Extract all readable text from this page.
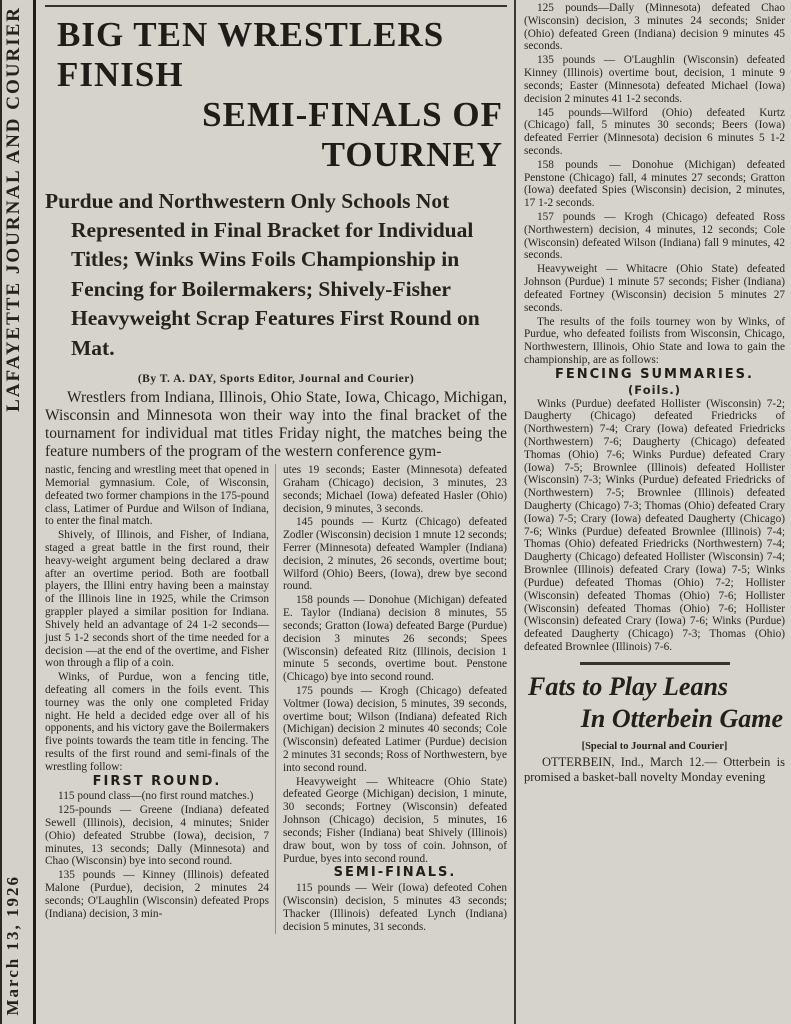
LAFAYETTE JOURNAL AND COURIER
March 13, 1926
BIG TEN WRESTLERS FINISH
SEMI-FINALS OF TOURNEY
Purdue and Northwestern Only Schools Not Represented in Final Bracket for Individual Titles; Winks Wins Foils Championship in Fencing for Boilermakers; Shively-Fisher Heavyweight Scrap Features First Round on Mat.
(By T. A. DAY, Sports Editor, Journal and Courier)
Wrestlers from Indiana, Illinois, Ohio State, Iowa, Chicago, Michigan, Wisconsin and Minnesota won their way into the final bracket of the tournament for individual mat titles Friday night, the matches being the feature numbers of the program of the western conference gym-

nastic, fencing and wrestling meet that opened in Memorial gymnasium. Cole, of Wisconsin, defeated two former champions in the 175-pound class, Latimer of Purdue and Wilson of Indiana, to enter the final match.

Shively, of Illinois, and Fisher, of Indiana, staged a great battle in the first round, their heavy-weight argument being declared a draw after an overtime period. Both are football players, the Illini entry having been a mainstay of the Illinois line in 1925, while the Crimson grappler played a similar position for Indiana. Shively held an advantage of 24 1-2 seconds—just 5 1-2 seconds short of the time needed for a decision —at the end of the overtime, and Fisher won through a flip of a coin.

Winks, of Purdue, won a fencing title, defeating all comers in the foils event. This tourney was the only one completed Friday night. He held a decided edge over all of his opponents, and his victory gave the Boilermakers five points towards the team title in fencing. The results of the first round and semi-finals of the wrestling follow:

FIRST ROUND.

115 pound class—(no first round matches.)

125-pounds — Greene (Indiana) defeated Sewell (Illinois), decision, 4 minutes; Snider (Ohio) defeated Strubbe (Iowa), decision, 7 minutes, 13 seconds; Dally (Minnesota) and Chao (Wisconsin) bye into second round.

135 pounds — Kinney (Illinois) defeated Malone (Purdue), decision, 2 minutes 24 seconds; O'Laughlin (Wisconsin) defeated Props (Indiana) decision, 3 min-

utes 19 seconds; Easter (Minnesota) defeated Graham (Chicago) decision, 3 minutes, 23 seconds; Michael (Iowa) defeated Hasler (Ohio) decision, 9 minutes, 3 seconds.

145 pounds — Kurtz (Chicago) defeated Zodler (Wisconsin) decision 1 mnute 12 seconds; Ferrer (Minnesota) defeated Wampler (Indiana) decision, 2 minutes, 26 seconds, overtime bout; Wilford (Ohio) Beers, (Iowa), drew bye second round.

158 pounds — Donohue (Michigan) defeated E. Taylor (Indiana) decision 8 minutes, 55 seconds; Gratton (Iowa) defeated Barge (Purdue) decision 3 minutes 26 seconds; Spees (Wisconsin) defeated Ritz (Illinois, decision 1 minute 5 seconds, overtime bout. Penstone (Chicago) bye into second round.

175 pounds — Krogh (Chicago) defeated Voltmer (Iowa) decision, 5 minutes, 39 seconds, overtime bout; Wilson (Indiana) defeated Rich (Michigan) decision 2 minutes 40 seconds; Cole (Wisconsin) defeated Latimer (Purdue) decision 2 minutes 31 seconds; Ross of Northwestern, bye into second round.

Heavyweight — Whiteacre (Ohio State) defeated George (Michigan) decision, 1 minute, 30 seconds; Fortney (Wisconsin) defeated Johnson (Chicago) decision, 5 minutes, 16 seconds; Fisher (Indiana) beat Shively (Illinois) draw bout, won by toss of coin. Johnson, of Purdue, byes into second round.

SEMI-FINALS.

115 pounds — Weir (Iowa) defeoted Cohen (Wisconsin) decision, 5 minutes 43 seconds; Thacker (Illinois) defeated Lynch (Indiana) decision 5 minutes, 31 seconds.

125 pounds—Dally (Minnesota) defeated Chao (Wisconsin) decision, 3 minutes 24 seconds; Snider (Ohio) defeated Green (Indiana) decision 9 minutes 45 seconds.

135 pounds — O'Laughlin (Wisconsin) defeated Kinney (Illinois) overtime bout, decision, 1 minute 9 seconds; Easter (Minnesota) defeated Michael (Iowa) decision 2 minutes 41 1-2 seconds.

145 pounds—Wilford (Ohio) defeated Kurtz (Chicago) fall, 5 minutes 30 seconds; Beers (Iowa) defeated Ferrier (Minnesota) decision 6 minutes 5 1-2 seconds.

158 pounds — Donohue (Michigan) defeated Penstone (Chicago) fall, 4 minutes 27 seconds; Gratton (Iowa) deefated Spies (Wisconsin) decision, 2 minutes, 17 1-2 seconds.

157 pounds — Krogh (Chicago) defeated Ross (Northwestern) decision, 4 minutes, 12 seconds; Cole (Wisconsin) defeated Wilson (Indiana) fall 9 minutes, 42 seconds.

Heavyweight — Whitacre (Ohio State) defeated Johnson (Purdue) 1 minute 57 seconds; Fisher (Indiana) defeated Fortney (Wisconsin) decision 5 minutes 27 seconds.

The results of the foils tourney won by Winks, of Purdue, who defeated foilists from Wisconsin, Chicago, Northwestern, Illinois, Ohio State and Iowa to gain the championship, are as follows:

FENCING SUMMARIES.

(Foils.)

Winks (Purdue) deefated Hollister (Wisconsin) 7-2; Daugherty (Chicago) defeated Friedricks of (Northwestern) 7-4; Crary (Iowa) defeated Friedricks (Northwestern) 7-6; Daugherty (Chicago) defeated Thomas (Ohio) 7-6; Winks Purdue) defeated Crary (Iowa) 7-5; Brownlee (Illinois) defeated Hollister (Wisconsin) 7-3; Winks (Purdue) defeated Friedricks of (Northwestern) 7-5; Brownlee (Illinois) defeated Daugherty (Chicago) 7-3; Thomas (Ohio) defeated Crary (Iowa) 7-5; Crary (Iowa) defeated Daugherty (Chicago) 7-6; Winks (Purdue) defeated Brownlee (Illinois) 7-4; Thomas (Ohio) defeated Friedricks (Northwestern) 7-4; Daugherty (Chicago) defeated Hollister (Wisconsin) 7-4; Brownlee (Illinois) defeated Crary (Iowa) 7-5; Winks (Purdue) defeated Thomas (Ohio) 7-2; Hollister (Wisconsin) defeated Thomas (Ohio) 7-6; Hollister (Wisconsin) defeated Thomas (Ohio) 7-6; Hollister (Wisconsin) defeated Crary (Iowa) 7-6; Winks (Purdue) defeated Daugherty (Chicago) 7-3; Thomas (Ohio) defeated Brownlee (Illinois) 7-6.

Fats to Play Leans
In Otterbein Game
[Special to Journal and Courier]
OTTERBEIN, Ind., March 12.— Otterbein is promised a basket-ball novelty Monday evening
